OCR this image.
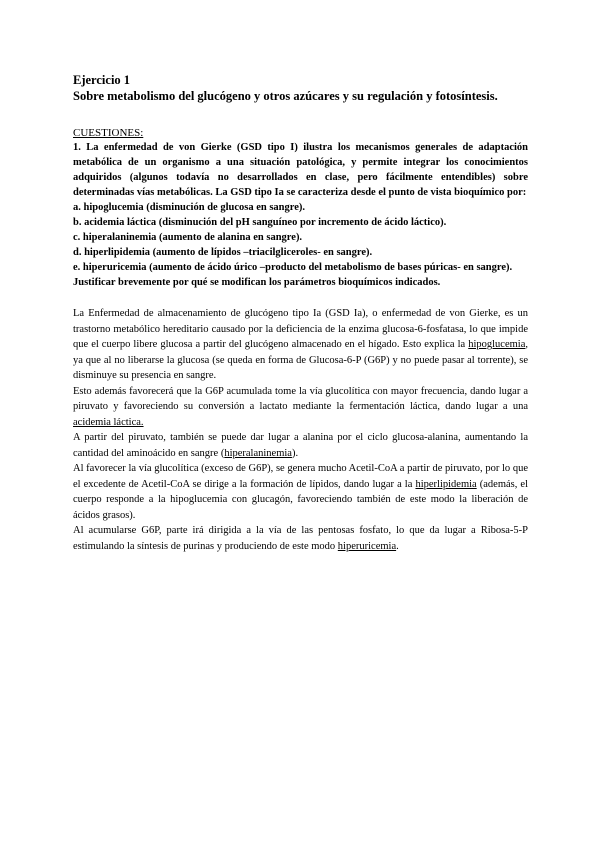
Ejercicio 1

Sobre metabolismo del glucógeno y otros azúcares y su regulación y fotosíntesis.

CUESTIONES:

1. La enfermedad de von Gierke (GSD tipo I) ilustra los mecanismos generales de adaptación metabólica de un organismo a una situación patológica, y permite integrar los conocimientos adquiridos (algunos todavía no desarrollados en clase, pero fácilmente entendibles) sobre determinadas vías metabólicas. La GSD tipo Ia se caracteriza desde el punto de vista bioquímico por:

a. hipoglucemia (disminución de glucosa en sangre).
b. acidemia láctica (disminución del pH sanguíneo por incremento de ácido láctico).
c. hiperalaninemia (aumento de alanina en sangre).
d. hiperlipidemia (aumento de lípidos –triacilgliceroles- en sangre).
e. hiperuricemia (aumento de ácido úrico –producto del metabolismo de bases púricas- en sangre).

Justificar brevemente por qué se modifican los parámetros bioquímicos indicados.

La Enfermedad de almacenamiento de glucógeno tipo Ia (GSD Ia), o enfermedad de von Gierke, es un trastorno metabólico hereditario causado por la deficiencia de la enzima glucosa-6-fosfatasa, lo que impide que el cuerpo libere glucosa a partir del glucógeno almacenado en el hígado. Esto explica la hipoglucemia, ya que al no liberarse la glucosa (se queda en forma de Glucosa-6-P (G6P) y no puede pasar al torrente), se disminuye su presencia en sangre.

Esto además favorecerá que la G6P acumulada tome la vía glucolítica con mayor frecuencia, dando lugar a piruvato y favoreciendo su conversión a lactato mediante la fermentación láctica, dando lugar a una acidemia láctica.

A partir del piruvato, también se puede dar lugar a alanina por el ciclo glucosa-alanina, aumentando la cantidad del aminoácido en sangre (hiperalaninemia).

Al favorecer la vía glucolítica (exceso de G6P), se genera mucho Acetil-CoA a partir de piruvato, por lo que el excedente de Acetil-CoA se dirige a la formación de lípidos, dando lugar a la hiperlipidemia (además, el cuerpo responde a la hipoglucemia con glucagón, favoreciendo también de este modo la liberación de ácidos grasos).

Al acumularse G6P, parte irá dirigida a la vía de las pentosas fosfato, lo que da lugar a Ribosa-5-P estimulando la síntesis de purinas y produciendo de este modo hiperuricemia.
